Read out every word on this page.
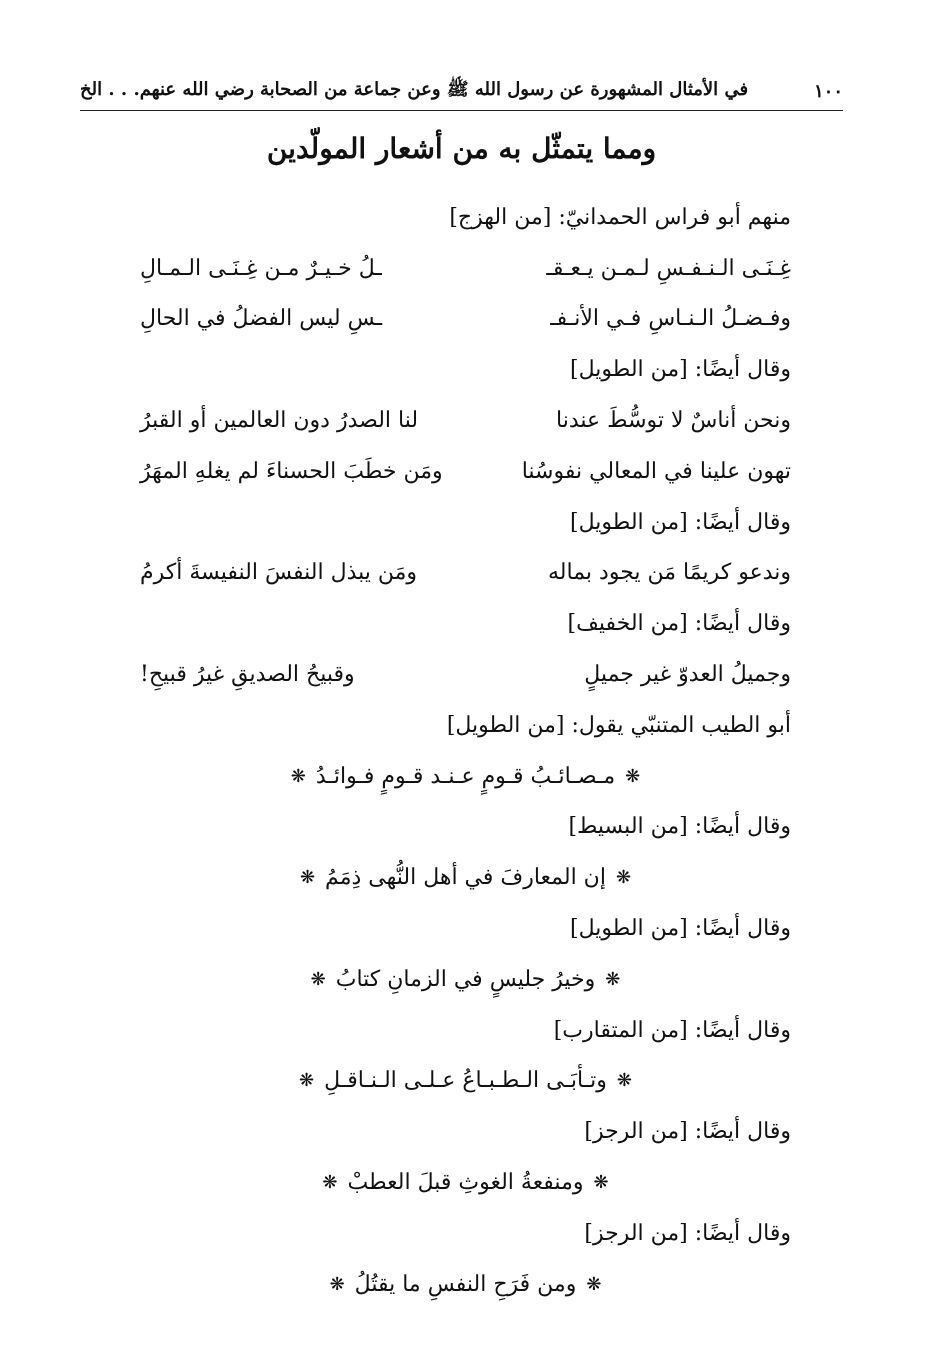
١٠٠
في الأمثال المشهورة عن رسول الله ﷺ وعن جماعة من الصحابة رضي الله عنهم. . . الخ
ومما يتمثّل به من أشعار المولّدين
منهم أبو فراس الحمدانيّ: [من الهزج]
غِـنَـى الـنـفـسِ لـمـن يـعـقـ
ـلُ خـيـرٌ مـن غِـنَـى الـمـالِ
وفـضـلُ الـنـاسِ فـي الأنـفـ
ـسِ ليس الفضلُ في الحالِ
وقال أيضًا: [من الطويل]
ونحن أناسٌ لا توسُّطَ عندنا
لنا الصدرُ دون العالمين أو القبرُ
تهون علينا في المعالي نفوسُنا
ومَن خطَبَ الحسناءَ لم يغلهِ المهَرُ
وقال أيضًا: [من الطويل]
وندعو كريمًا مَن يجود بماله
ومَن يبذل النفسَ النفيسةَ أكرمُ
وقال أيضًا: [من الخفيف]
وجميلُ العدوّ غير جميلٍ
وقبيحُ الصديقِ غيرُ قبيحِ!
أبو الطيب المتنبّي يقول: [من الطويل]
❋
مـصـائـبُ قـومٍ عـنـد قـومٍ فـوائـدُ
❋
وقال أيضًا: [من البسيط]
❋
إن المعارفَ في أهل النُّهى ذِمَمُ
❋
وقال أيضًا: [من الطويل]
❋
وخيرُ جليسٍ في الزمانِ كتابُ
❋
وقال أيضًا: [من المتقارب]
❋
وتـأبَـى الـطـبـاعُ عـلـى الـنـاقـلِ
❋
وقال أيضًا: [من الرجز]
❋
ومنفعةُ الغوثِ قبلَ العطبْ
❋
وقال أيضًا: [من الرجز]
❋
ومن فَرَحِ النفسِ ما يقتُلُ
❋
